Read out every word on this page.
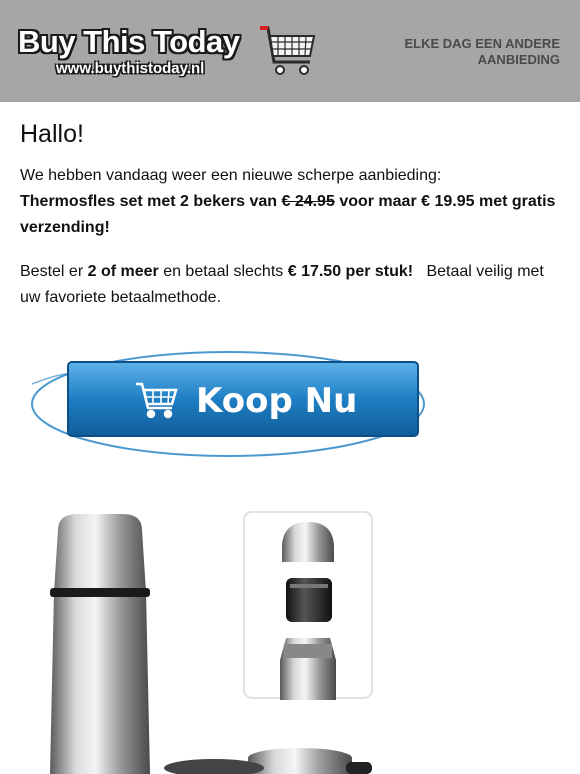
Buy This Today
www.buythistoday.nl
ELKE DAG EEN ANDERE
AANBIEDING
Hallo!

We hebben vandaag weer een nieuwe scherpe aanbieding:
Thermosfles set met 2 bekers van € 24.95 voor maar € 19.95 met gratis verzending!

Bestel er 2 of meer en betaal slechts € 17.50 per stuk! Betaal veilig met uw favoriete betaalmethode.

Koop Nu
